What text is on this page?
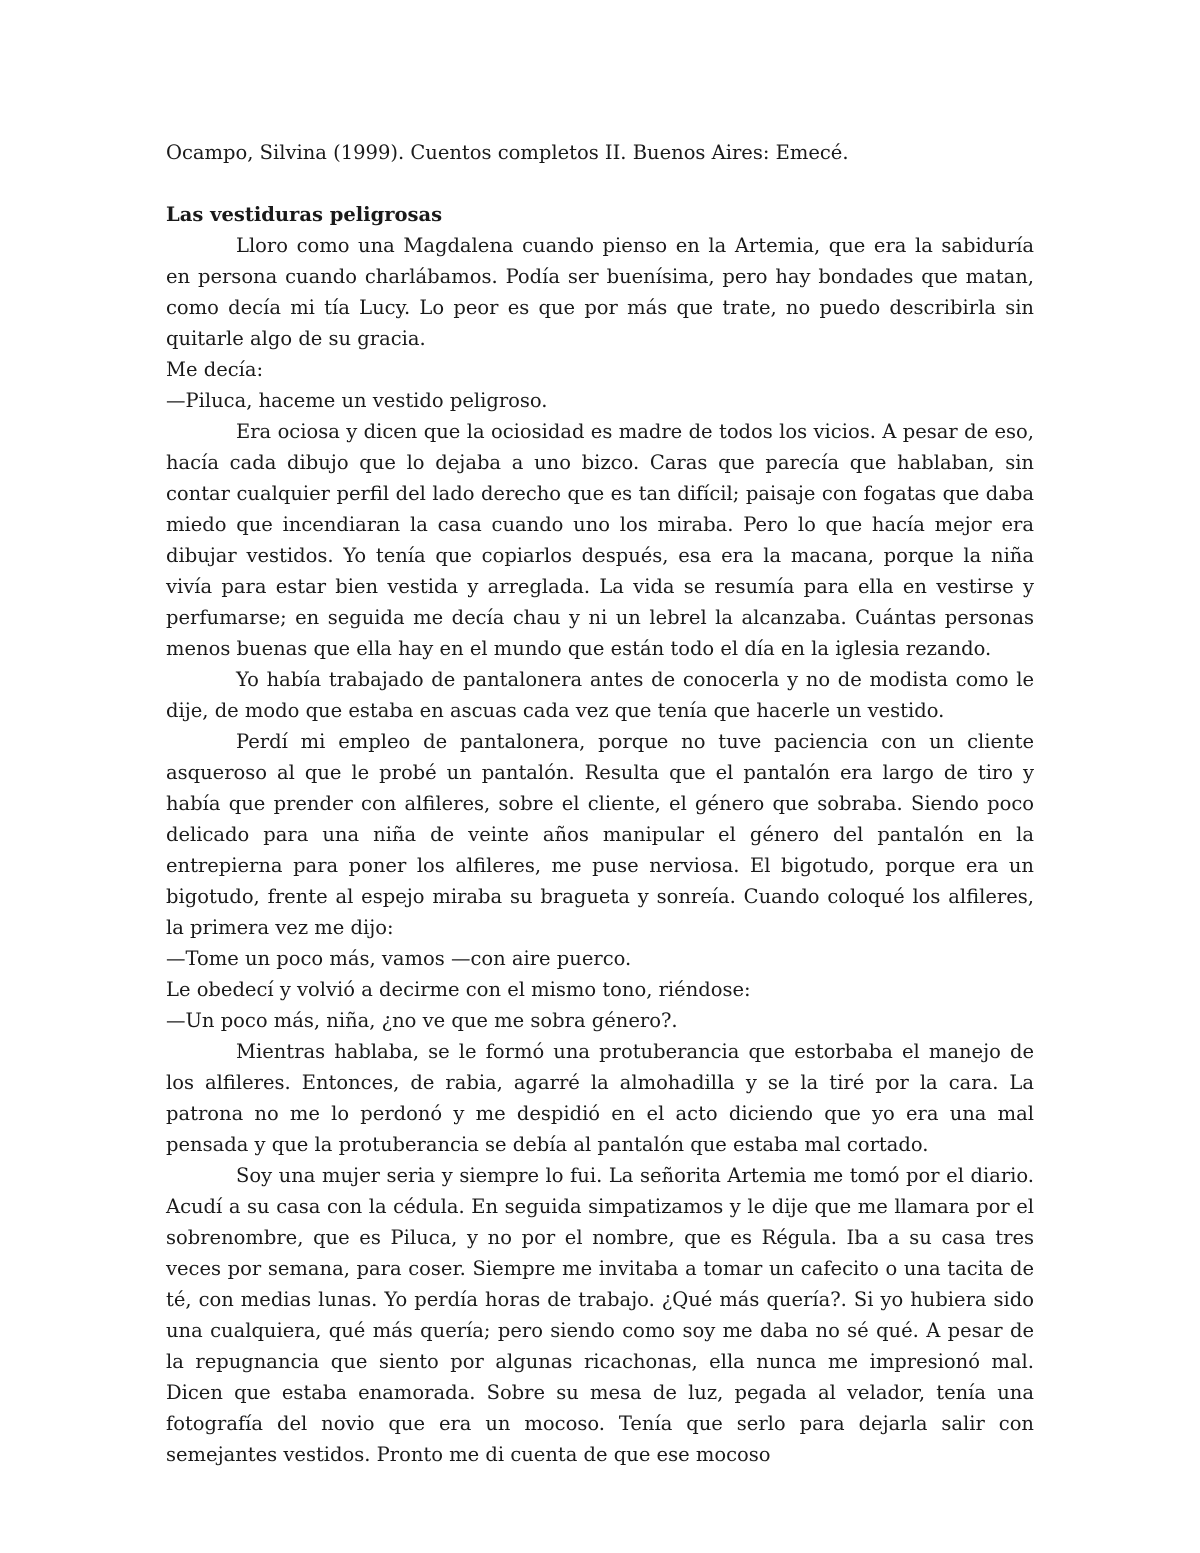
Ocampo, Silvina (1999). Cuentos completos II. Buenos Aires: Emecé.

Las vestiduras peligrosas

Lloro como una Magdalena cuando pienso en la Artemia, que era la sabiduría en persona cuando charlábamos. Podía ser buenísima, pero hay bondades que matan, como decía mi tía Lucy. Lo peor es que por más que trate, no puedo describirla sin quitarle algo de su gracia.

Me decía:

—Piluca, haceme un vestido peligroso.

Era ociosa y dicen que la ociosidad es madre de todos los vicios. A pesar de eso, hacía cada dibujo que lo dejaba a uno bizco. Caras que parecía que hablaban, sin contar cualquier perfil del lado derecho que es tan difícil; paisaje con fogatas que daba miedo que incendiaran la casa cuando uno los miraba. Pero lo que hacía mejor era dibujar vestidos. Yo tenía que copiarlos después, esa era la macana, porque la niña vivía para estar bien vestida y arreglada. La vida se resumía para ella en vestirse y perfumarse; en seguida me decía chau y ni un lebrel la alcanzaba. Cuántas personas menos buenas que ella hay en el mundo que están todo el día en la iglesia rezando.

Yo había trabajado de pantalonera antes de conocerla y no de modista como le dije, de modo que estaba en ascuas cada vez que tenía que hacerle un vestido.

Perdí mi empleo de pantalonera, porque no tuve paciencia con un cliente asqueroso al que le probé un pantalón. Resulta que el pantalón era largo de tiro y había que prender con alfileres, sobre el cliente, el género que sobraba. Siendo poco delicado para una niña de veinte años manipular el género del pantalón en la entrepierna para poner los alfileres, me puse nerviosa. El bigotudo, porque era un bigotudo, frente al espejo miraba su bragueta y sonreía. Cuando coloqué los alfileres, la primera vez me dijo:

—Tome un poco más, vamos —con aire puerco.

Le obedecí y volvió a decirme con el mismo tono, riéndose:

—Un poco más, niña, ¿no ve que me sobra género?.

Mientras hablaba, se le formó una protuberancia que estorbaba el manejo de los alfileres. Entonces, de rabia, agarré la almohadilla y se la tiré por la cara. La patrona no me lo perdonó y me despidió en el acto diciendo que yo era una mal pensada y que la protuberancia se debía al pantalón que estaba mal cortado.

Soy una mujer seria y siempre lo fui. La señorita Artemia me tomó por el diario. Acudí a su casa con la cédula. En seguida simpatizamos y le dije que me llamara por el sobrenombre, que es Piluca, y no por el nombre, que es Régula. Iba a su casa tres veces por semana, para coser. Siempre me invitaba a tomar un cafecito o una tacita de té, con medias lunas. Yo perdía horas de trabajo. ¿Qué más quería?. Si yo hubiera sido una cualquiera, qué más quería; pero siendo como soy me daba no sé qué. A pesar de la repugnancia que siento por algunas ricachonas, ella nunca me impresionó mal. Dicen que estaba enamorada. Sobre su mesa de luz, pegada al velador, tenía una fotografía del novio que era un mocoso. Tenía que serlo para dejarla salir con semejantes vestidos. Pronto me di cuenta de que ese mocoso
